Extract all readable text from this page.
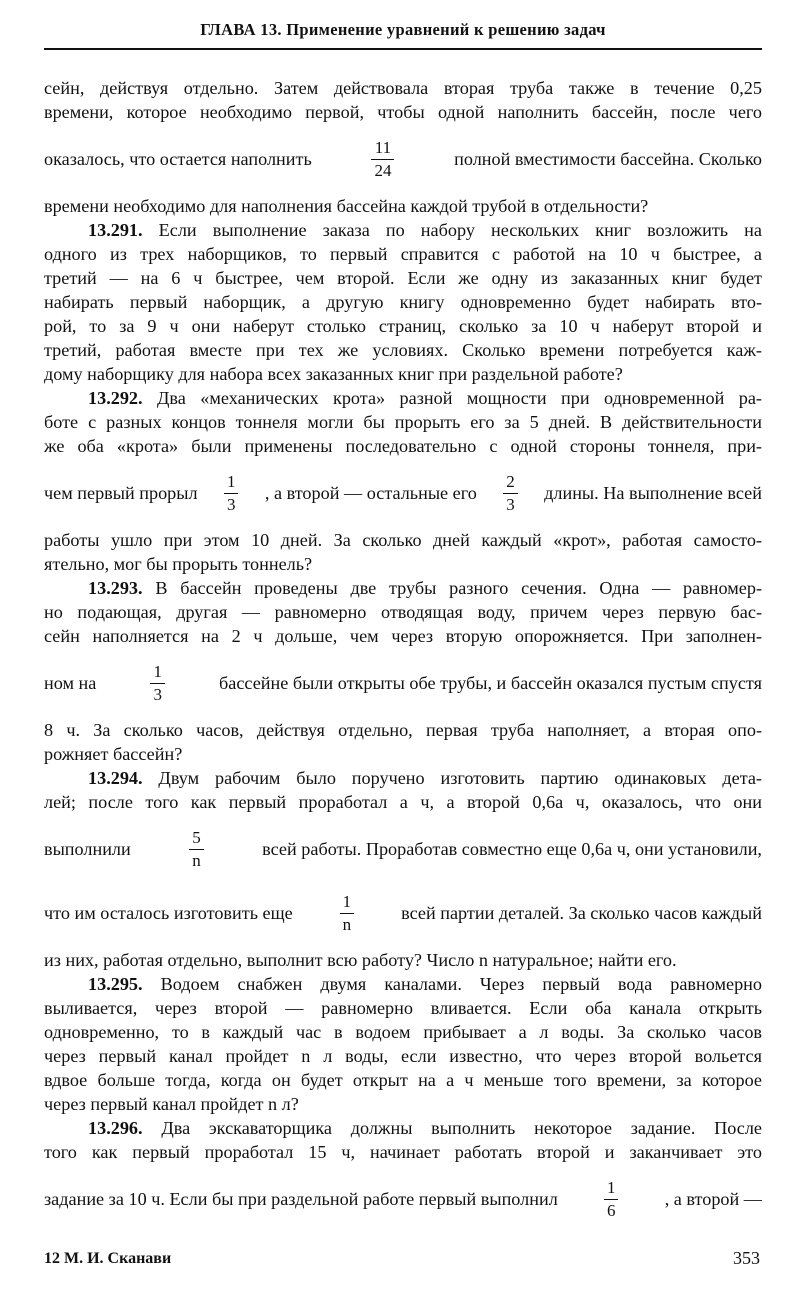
ГЛАВА 13. Применение уравнений к решению задач
сейн, действуя отдельно. Затем действовала вторая труба также в течение 0,25
времени, которое необходимо первой, чтобы одной наполнить бассейн, после чего
оказалось, что остается наполнить	$\frac{11}{24}$	полной вместимости бассейна. Сколько
времени необходимо для наполнения бассейна каждой трубой в отдельности?
13.291. Если выполнение заказа по набору нескольких книг возложить на
одного из трех наборщиков, то первый справится с работой на 10 ч быстрее, а
третий — на 6 ч быстрее, чем второй. Если же одну из заказанных книг будет
набирать первый наборщик, а другую книгу одновременно будет набирать вто-
рой, то за 9 ч они наберут столько страниц, сколько за 10 ч наберут второй и
третий, работая вместе при тех же условиях. Сколько времени потребуется каж-
дому наборщику для набора всех заказанных книг при раздельной работе?
13.292. Два «механических крота» разной мощности при одновременной ра-
боте с разных концов тоннеля могли бы прорыть его за 5 дней. В действительности
же оба «крота» были применены последовательно с одной стороны тоннеля, при-
чем первый прорыл $\frac{1}{3}$ , а второй — остальные его $\frac{2}{3}$ длины. На выполнение всей
работы ушло при этом 10 дней. За сколько дней каждый «крот», работая самосто-
ятельно, мог бы прорыть тоннель?
13.293. В бассейн проведены две трубы разного сечения. Одна — равномер-
но подающая, другая — равномерно отводящая воду, причем через первую бас-
сейн наполняется на 2 ч дольше, чем через вторую опорожняется. При заполнен-
ном на	$\frac{1}{3}$	бассейне были открыты обе трубы, и бассейн оказался пустым спустя
8 ч. За сколько часов, действуя отдельно, первая труба наполняет, а вторая опо-
рожняет бассейн?
13.294. Двум рабочим было поручено изготовить партию одинаковых дета-
лей; после того как первый проработал a ч, а второй 0,6a ч, оказалось, что они
выполнили	$\frac{5}{n}$	всей работы. Проработав совместно еще 0,6a ч, они установили,
что им осталось изготовить еще	$\frac{1}{n}$	всей партии деталей. За сколько часов каждый
из них, работая отдельно, выполнит всю работу? Число n натуральное; найти его.
13.295. Водоем снабжен двумя каналами. Через первый вода равномерно
выливается, через второй — равномерно вливается. Если оба канала открыть
одновременно, то в каждый час в водоем прибывает a л воды. За сколько часов
через первый канал пройдет n л воды, если известно, что через второй вольется
вдвое больше тогда, когда он будет открыт на a ч меньше того времени, за которое
через первый канал пройдет n л?
13.296. Два экскаваторщика должны выполнить некоторое задание. После
того как первый проработал 15 ч, начинает работать второй и заканчивает это
задание за 10 ч. Если бы при раздельной работе первый выполнил	$\frac{1}{6}$	, а второй —
12 М. И. Сканави	353
